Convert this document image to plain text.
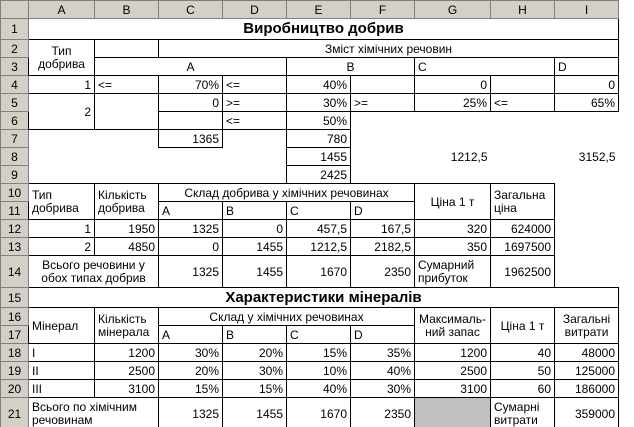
	A	B	C	D	E	F	G	H	I
1	Виробництво добрив								
2	Тип добрива		Зміст хімічних речовин						
3		А			B		C		D
4	1	<=	70%	<=	40%		0		0
5	2		0	>=	30%	>=	25%	<=	65%
6				<=	50%				
7			1365		780				
8					1455		1212,5		3152,5
9					2425				
10	Тип добрива	Кількість добрива	Склад добрива у хімічних речовинах				Ціна 1 т	Загальна ціна	
11			A	B	C	D			
12	1	1950	1325	0	457,5	167,5	320	624000	
13	2	4850	0	1455	1212,5	2182,5	350	1697500	
14	Всього речовини у обох типах добрив		1325	1455	1670	2350	Сумарний прибуток	1962500	
15	Характеристики мінералів								
16	Мінерал	Кількість мінерала	Склад у хімічних речовинах				Максималь-ний запас	Ціна 1 т	Загальні витрати
17			A	B	C	D			
18	I	1200	30%	20%	15%	35%	1200	40	48000
19	II	2500	20%	30%	10%	40%	2500	50	125000
20	III	3100	15%	15%	40%	30%	3100	60	186000
21	Всього по хімічним речовинам		1325	1455	1670	2350		Сумарні витрати	359000
